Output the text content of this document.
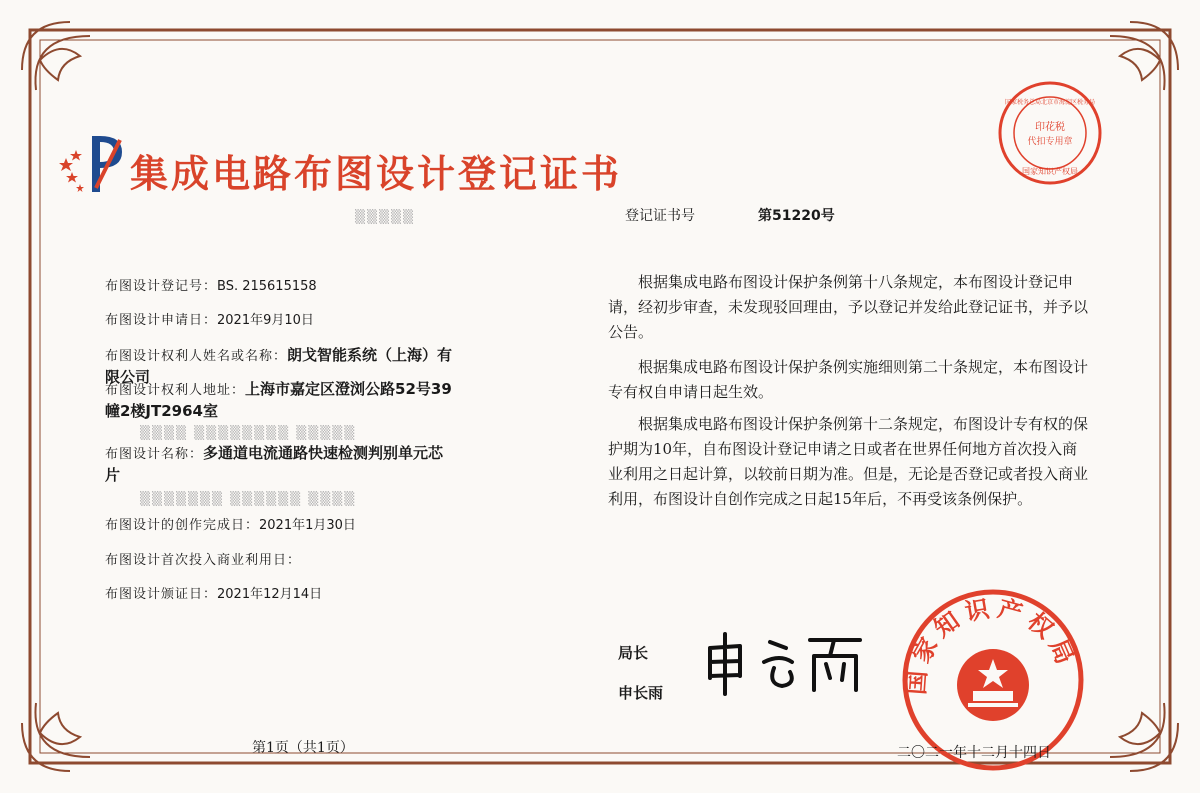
集成电路布图设计登记证书
印花税
代扣专用章
国家税务总局北京市海淀区税务局
国家知识产权局
▒▒▒▒▒	登记证书号	第51220号
布图设计登记号：BS. 215615158
布图设计申请日：2021年9月10日
布图设计权利人姓名或名称：朗戈智能系统（上海）有限公司
布图设计权利人地址：上海市嘉定区澄浏公路52号39幢2楼JT2964室
布图设计名称：多通道电流通路快速检测判别单元芯片
布图设计的创作完成日：2021年1月30日
布图设计首次投入商业利用日：
布图设计颁证日：2021年12月14日
▒▒▒▒ ▒▒▒▒▒▒▒▒ ▒▒▒▒▒
▒▒▒▒▒▒▒ ▒▒▒▒▒▒ ▒▒▒▒
根据集成电路布图设计保护条例第十八条规定，本布图设计登记申请，经初步审查，未发现驳回理由，予以登记并发给此登记证书，并予以公告。
根据集成电路布图设计保护条例实施细则第二十条规定，本布图设计专有权自申请日起生效。
根据集成电路布图设计保护条例第十二条规定，布图设计专有权的保护期为10年，自布图设计登记申请之日或者在世界任何地方首次投入商业利用之日起计算，以较前日期为准。但是，无论是否登记或者投入商业利用，布图设计自创作完成之日起15年后，不再受该条例保护。
局长
申长雨	国家知识产权局
第1页（共1页）	二〇二一年十二月十四日
